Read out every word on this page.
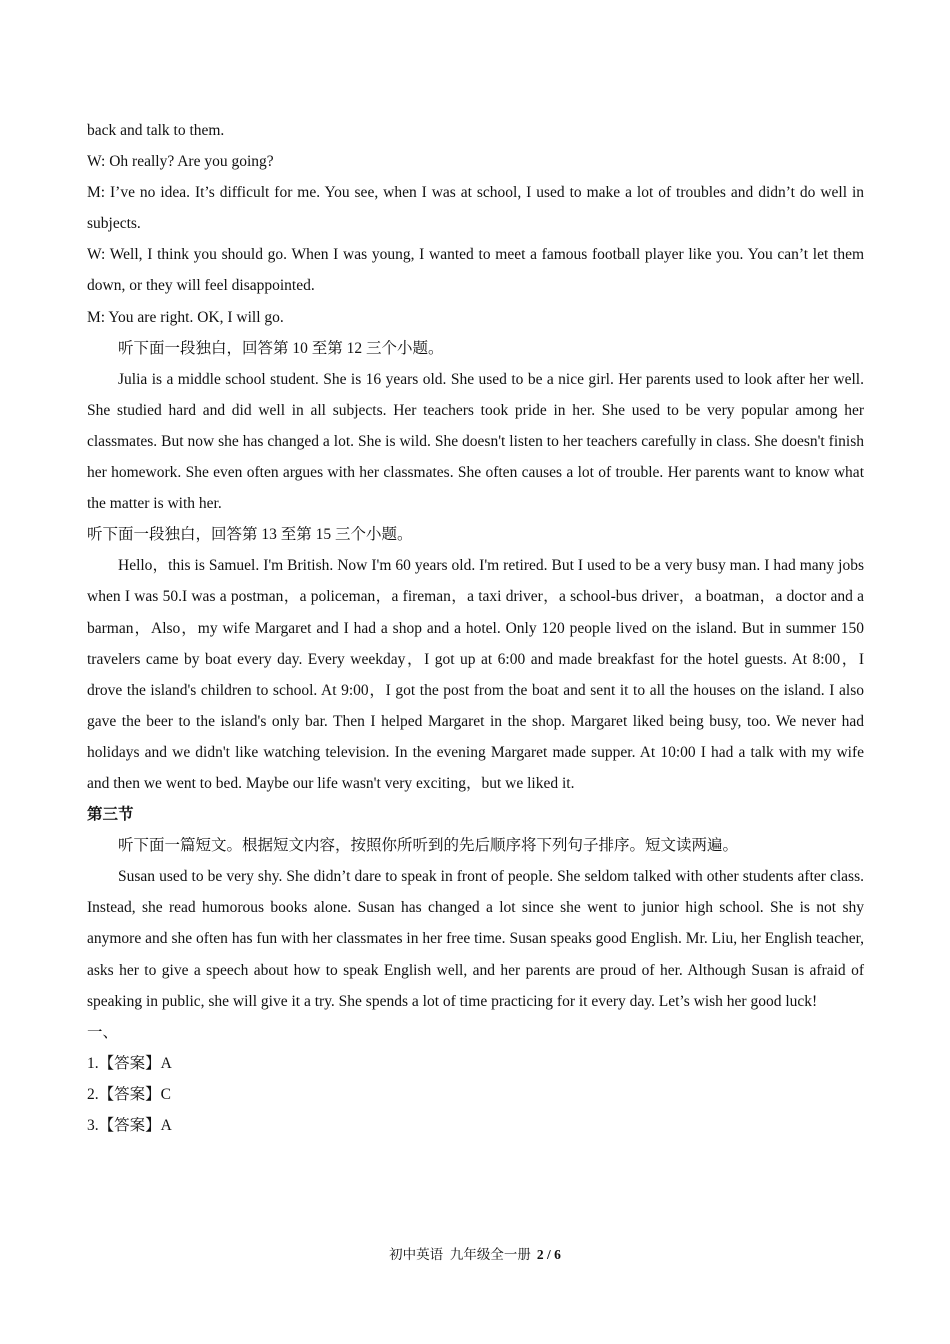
back and talk to them.

W: Oh really? Are you going?

M: I’ve no idea. It’s difficult for me. You see, when I was at school, I used to make a lot of troubles and didn’t do well in subjects.

W: Well, I think you should go. When I was young, I wanted to meet a famous football player like you. You can’t let them down, or they will feel disappointed.

M: You are right. OK, I will go.

听下面一段独白，回答第 10 至第 12 三个小题。

Julia is a middle school student. She is 16 years old. She used to be a nice girl. Her parents used to look after her well. She studied hard and did well in all subjects. Her teachers took pride in her. She used to be very popular among her classmates. But now she has changed a lot. She is wild. She doesn't listen to her teachers carefully in class. She doesn't finish her homework. She even often argues with her classmates. She often causes a lot of trouble. Her parents want to know what the matter is with her.

听下面一段独白，回答第 13 至第 15 三个小题。

Hello，this is Samuel. I'm British. Now I'm 60 years old. I'm retired. But I used to be a very busy man. I had many jobs when I was 50.I was a postman，a policeman，a fireman，a taxi driver，a school-bus driver，a boatman，a doctor and a barman，Also，my wife Margaret and I had a shop and a hotel. Only 120 people lived on the island. But in summer 150 travelers came by boat every day. Every weekday，I got up at 6:00 and made breakfast for the hotel guests. At 8:00，I drove the island's children to school. At 9:00，I got the post from the boat and sent it to all the houses on the island. I also gave the beer to the island's only bar. Then I helped Margaret in the shop. Margaret liked being busy, too. We never had holidays and we didn't like watching television. In the evening Margaret made supper. At 10:00 I had a talk with my wife and then we went to bed. Maybe our life wasn't very exciting，but we liked it.

第三节

听下面一篇短文。根据短文内容，按照你所听到的先后顺序将下列句子排序。短文读两遍。

Susan used to be very shy. She didn’t dare to speak in front of people. She seldom talked with other students after class. Instead, she read humorous books alone. Susan has changed a lot since she went to junior high school. She is not shy anymore and she often has fun with her classmates in her free time. Susan speaks good English. Mr. Liu, her English teacher, asks her to give a speech about how to speak English well, and her parents are proud of her. Although Susan is afraid of speaking in public, she will give it a try. She spends a lot of time practicing for it every day. Let’s wish her good luck!

一、

1.【答案】A

2.【答案】C

3.【答案】A

初中英语  九年级全一册 2 / 6
